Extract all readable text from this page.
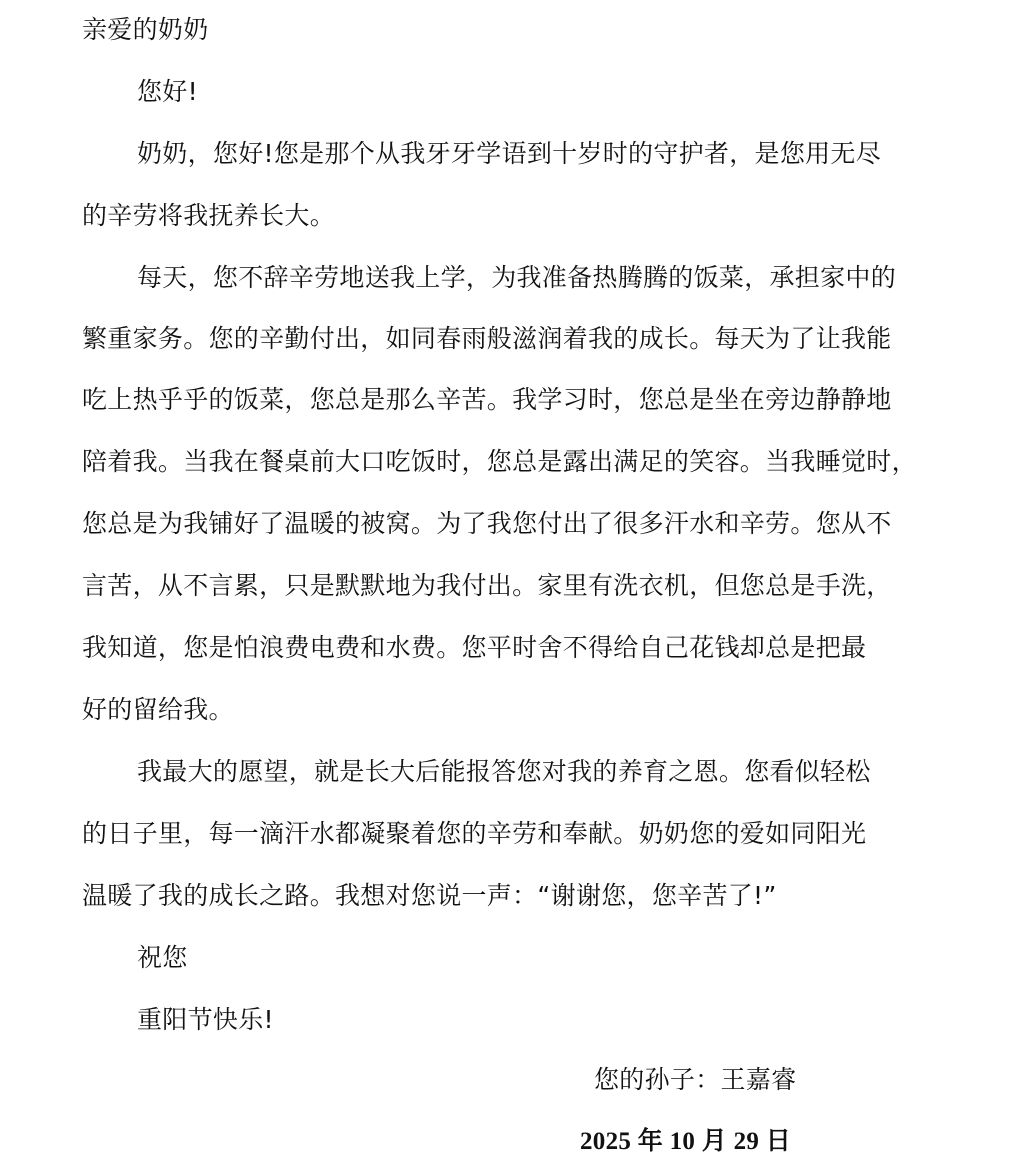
亲爱的奶奶
您好!
奶奶，您好!您是那个从我牙牙学语到十岁时的守护者，是您用无尽
的辛劳将我抚养长大。
每天，您不辞辛劳地送我上学，为我准备热腾腾的饭菜，承担家中的
繁重家务。您的辛勤付出，如同春雨般滋润着我的成长。每天为了让我能
吃上热乎乎的饭菜，您总是那么辛苦。我学习时，您总是坐在旁边静静地
陪着我。当我在餐桌前大口吃饭时，您总是露出满足的笑容。当我睡觉时，
您总是为我铺好了温暖的被窝。为了我您付出了很多汗水和辛劳。您从不
言苦，从不言累，只是默默地为我付出。家里有洗衣机，但您总是手洗，
我知道，您是怕浪费电费和水费。您平时舍不得给自己花钱却总是把最
好的留给我。
我最大的愿望，就是长大后能报答您对我的养育之恩。您看似轻松
的日子里，每一滴汗水都凝聚着您的辛劳和奉献。奶奶您的爱如同阳光
温暖了我的成长之路。我想对您说一声：“谢谢您，您辛苦了!”
祝您
重阳节快乐!
您的孙子：王嘉睿
2025 年 10 月 29 日
